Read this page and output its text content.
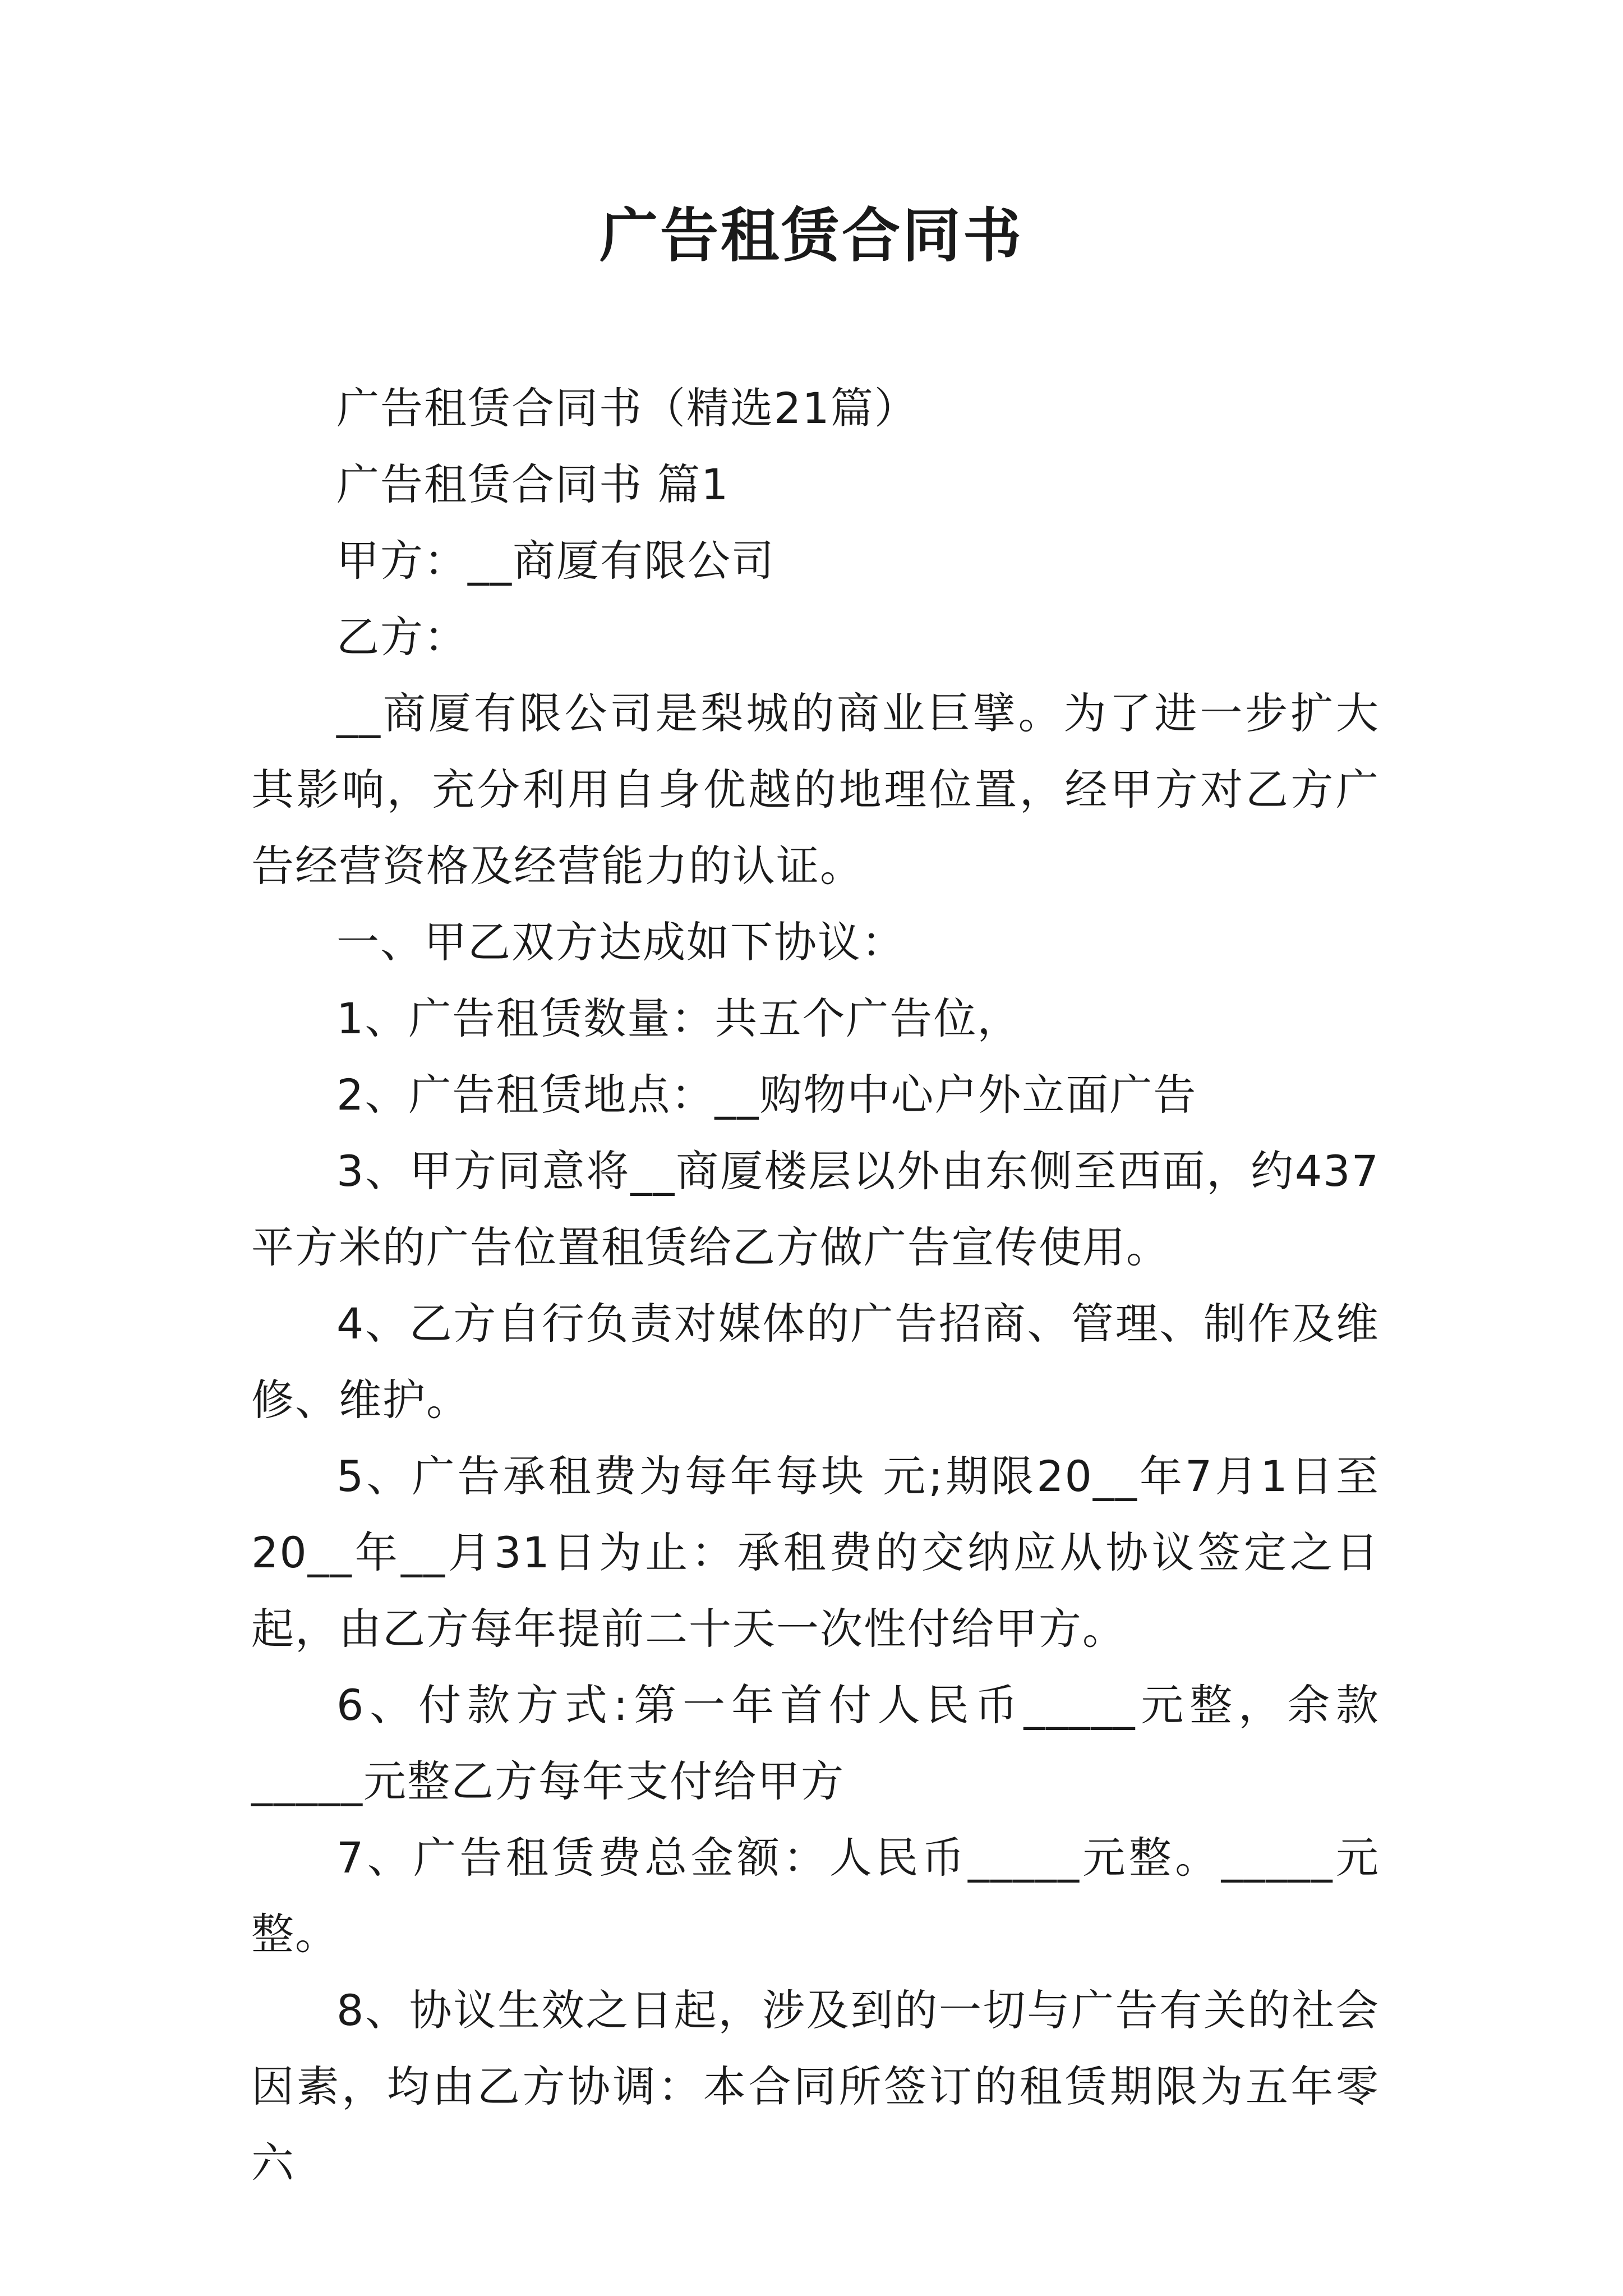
广告租赁合同书

广告租赁合同书（精选21篇）

广告租赁合同书 篇1

甲方：__商厦有限公司

乙方：

__商厦有限公司是梨城的商业巨擘。为了进一步扩大其影响，充分利用自身优越的地理位置，经甲方对乙方广告经营资格及经营能力的认证。

一、甲乙双方达成如下协议：

1、广告租赁数量：共五个广告位，

2、广告租赁地点：__购物中心户外立面广告

3、甲方同意将__商厦楼层以外由东侧至西面，约437平方米的广告位置租赁给乙方做广告宣传使用。

4、乙方自行负责对媒体的广告招商、管理、制作及维修、维护。

5、广告承租费为每年每块 元;期限20__年7月1日至20__年__月31日为止：承租费的交纳应从协议签定之日起，由乙方每年提前二十天一次性付给甲方。

6、付款方式:第一年首付人民币_____元整，余款_____元整乙方每年支付给甲方

7、广告租赁费总金额：人民币_____元整。_____元整。

8、协议生效之日起，涉及到的一切与广告有关的社会因素，均由乙方协调：本合同所签订的租赁期限为五年零六
